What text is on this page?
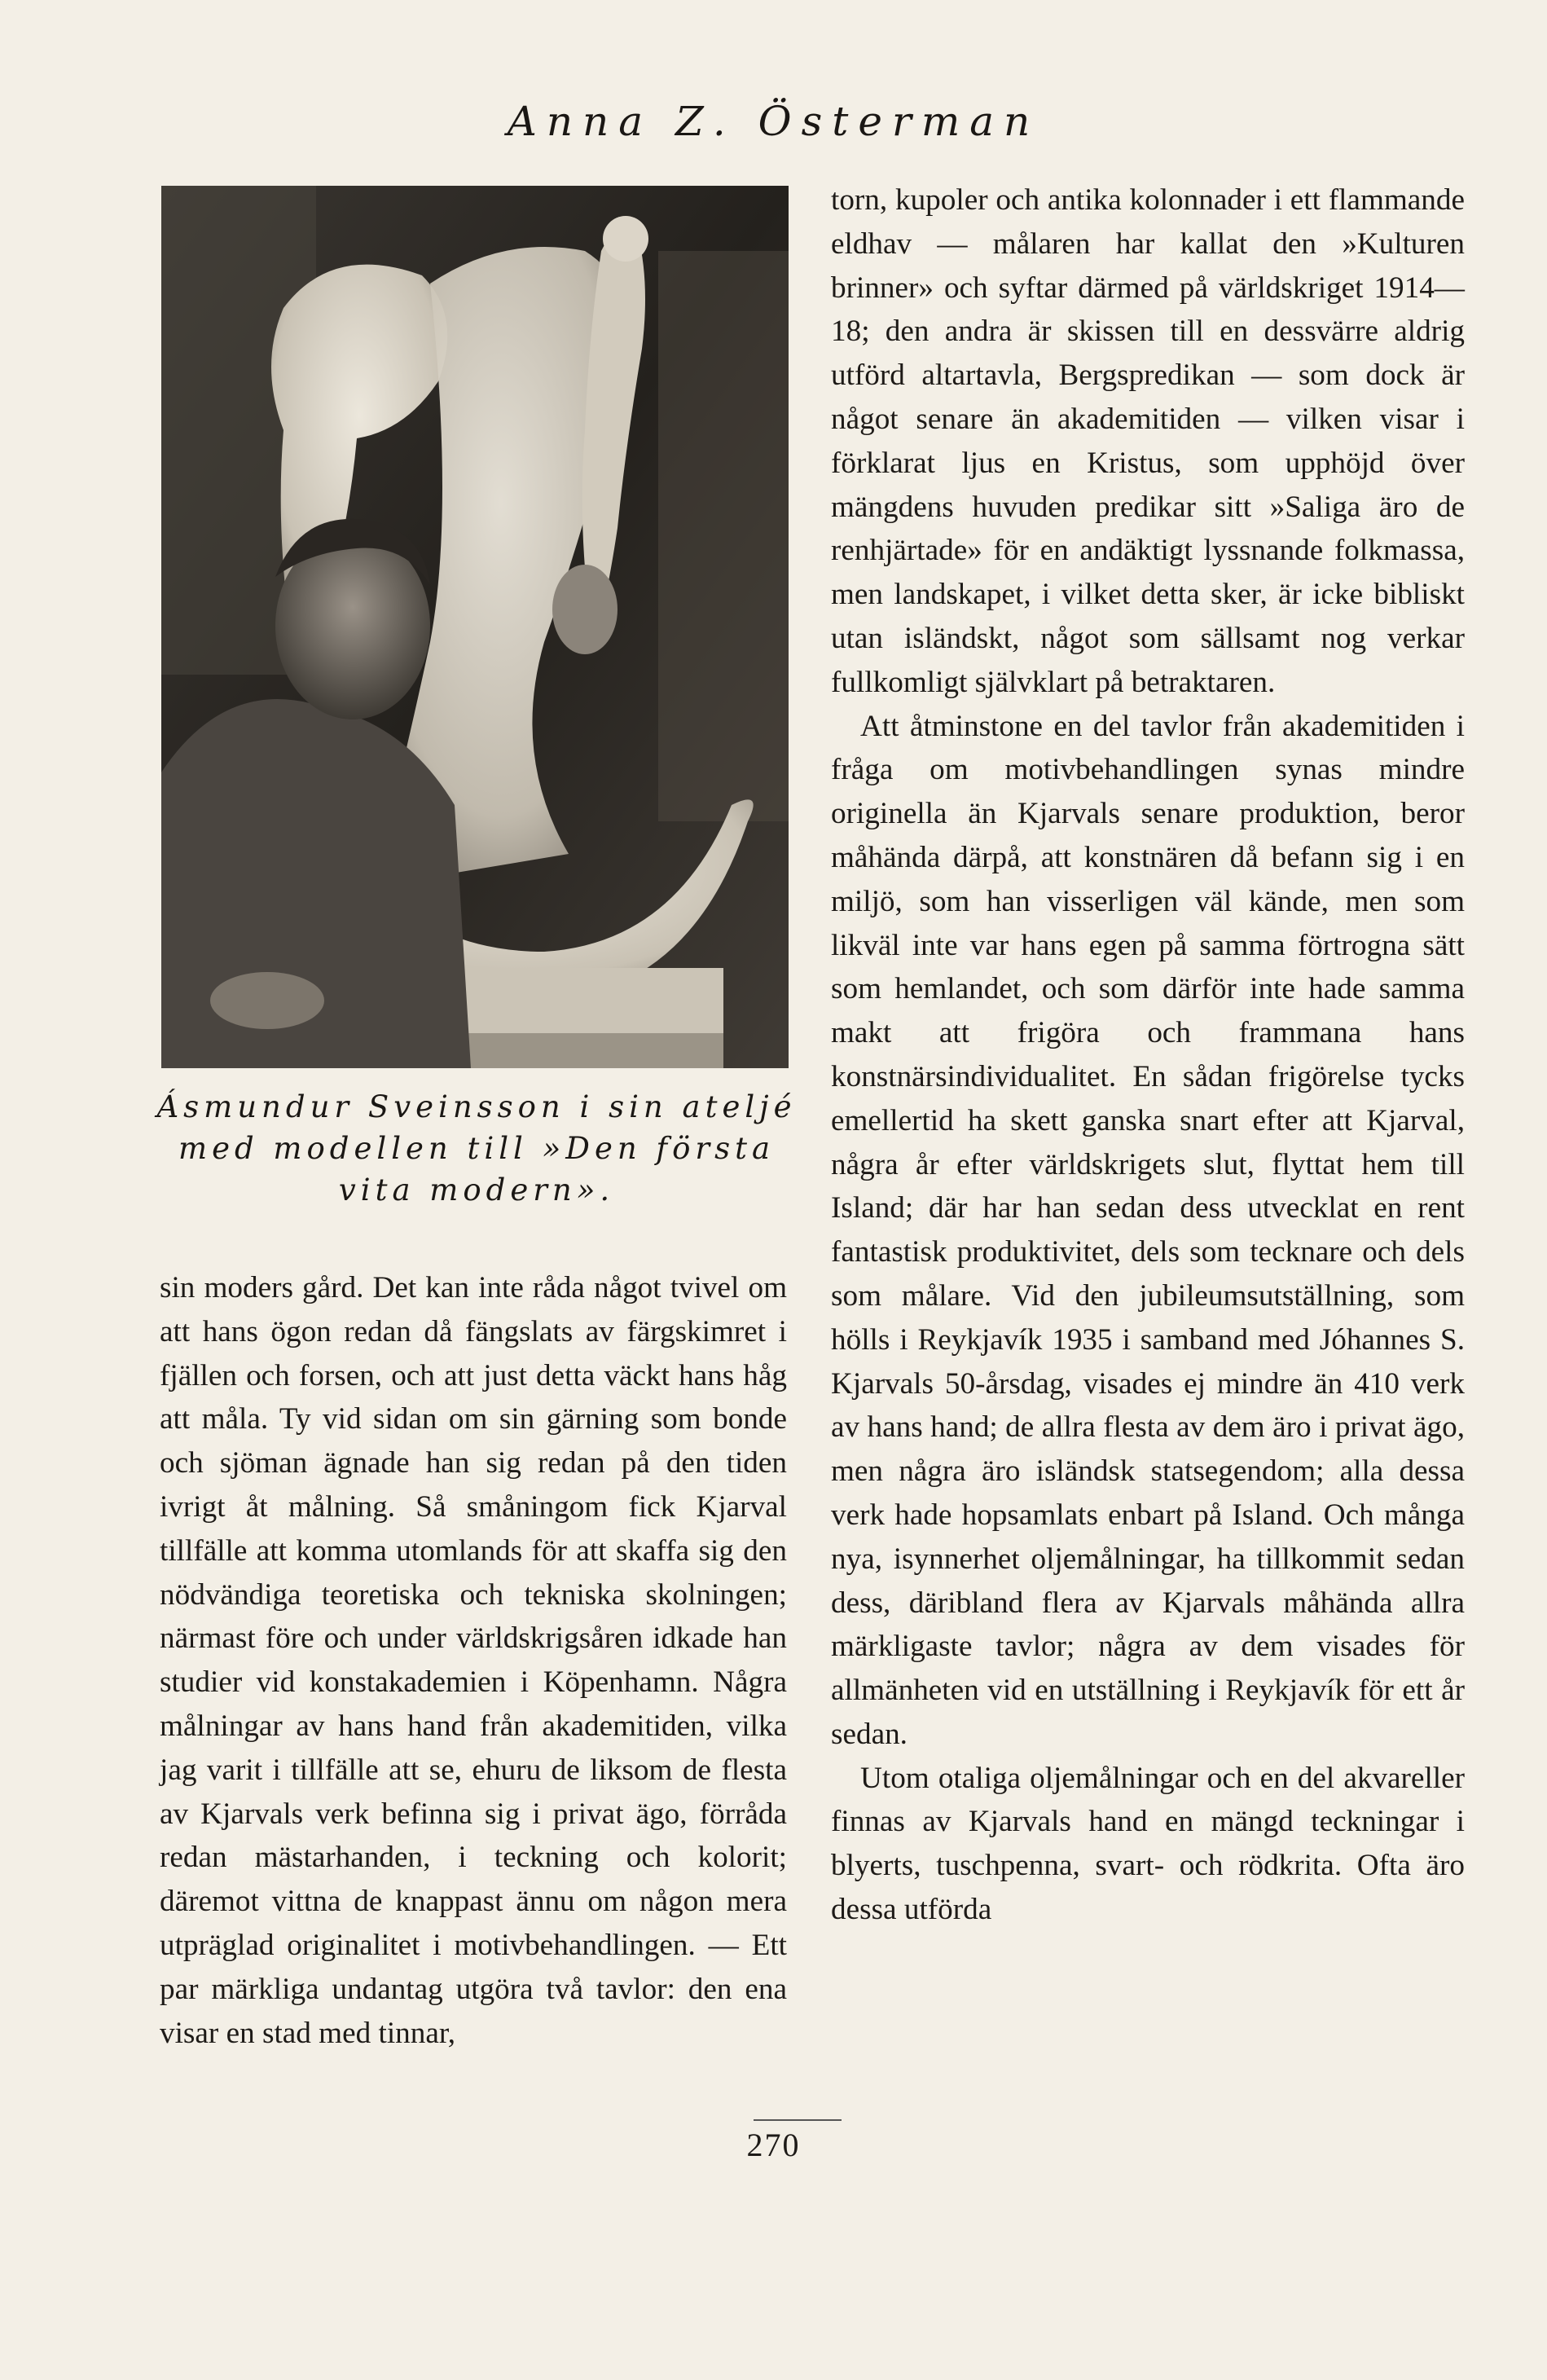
Anna Z. Österman
Ásmundur Sveinsson i sin ateljé med modellen till »Den första vita modern».

sin moders gård. Det kan inte råda något tvivel om att hans ögon redan då fängslats av färgskimret i fjällen och forsen, och att just detta väckt hans håg att måla. Ty vid sidan om sin gärning som bonde och sjöman ägnade han sig redan på den tiden ivrigt åt målning. Så småningom fick Kjarval tillfälle att komma utomlands för att skaffa sig den nödvändiga teoretiska och tekniska skolningen; närmast före och under världskrigsåren idkade han studier vid konstakademien i Köpenhamn. Några målningar av hans hand från akademitiden, vilka jag varit i tillfälle att se, ehuru de liksom de flesta av Kjarvals verk befinna sig i privat ägo, förråda redan mästarhanden, i teckning och kolorit; däremot vittna de knappast ännu om någon mera utpräglad originalitet i motivbehandlingen. — Ett par märkliga undantag utgöra två tavlor: den ena visar en stad med tinnar,

torn, kupoler och antika kolonnader i ett flammande eldhav — målaren har kallat den »Kulturen brinner» och syftar därmed på världskriget 1914—18; den andra är skissen till en dessvärre aldrig utförd altartavla, Bergspredikan — som dock är något senare än akademitiden — vilken visar i förklarat ljus en Kristus, som upphöjd över mängdens huvuden predikar sitt »Saliga äro de renhjärtade» för en andäktigt lyssnande folkmassa, men landskapet, i vilket detta sker, är icke bibliskt utan isländskt, något som sällsamt nog verkar fullkomligt självklart på betraktaren.

Att åtminstone en del tavlor från akademitiden i fråga om motivbehandlingen synas mindre originella än Kjarvals senare produktion, beror måhända därpå, att konstnären då befann sig i en miljö, som han visserligen väl kände, men som likväl inte var hans egen på samma förtrogna sätt som hemlandet, och som därför inte hade samma makt att frigöra och frammana hans konstnärsindividualitet. En sådan frigörelse tycks emellertid ha skett ganska snart efter att Kjarval, några år efter världskrigets slut, flyttat hem till Island; där har han sedan dess utvecklat en rent fantastisk produktivitet, dels som tecknare och dels som målare. Vid den jubileumsutställning, som hölls i Reykjavík 1935 i samband med Jóhannes S. Kjarvals 50-årsdag, visades ej mindre än 410 verk av hans hand; de allra flesta av dem äro i privat ägo, men några äro isländsk statsegendom; alla dessa verk hade hopsamlats enbart på Island. Och många nya, isynnerhet oljemålningar, ha tillkommit sedan dess, däribland flera av Kjarvals måhända allra märkligaste tavlor; några av dem visades för allmänheten vid en utställning i Reykjavík för ett år sedan.

Utom otaliga oljemålningar och en del akvareller finnas av Kjarvals hand en mängd teckningar i blyerts, tuschpenna, svart- och rödkrita. Ofta äro dessa utförda

270
